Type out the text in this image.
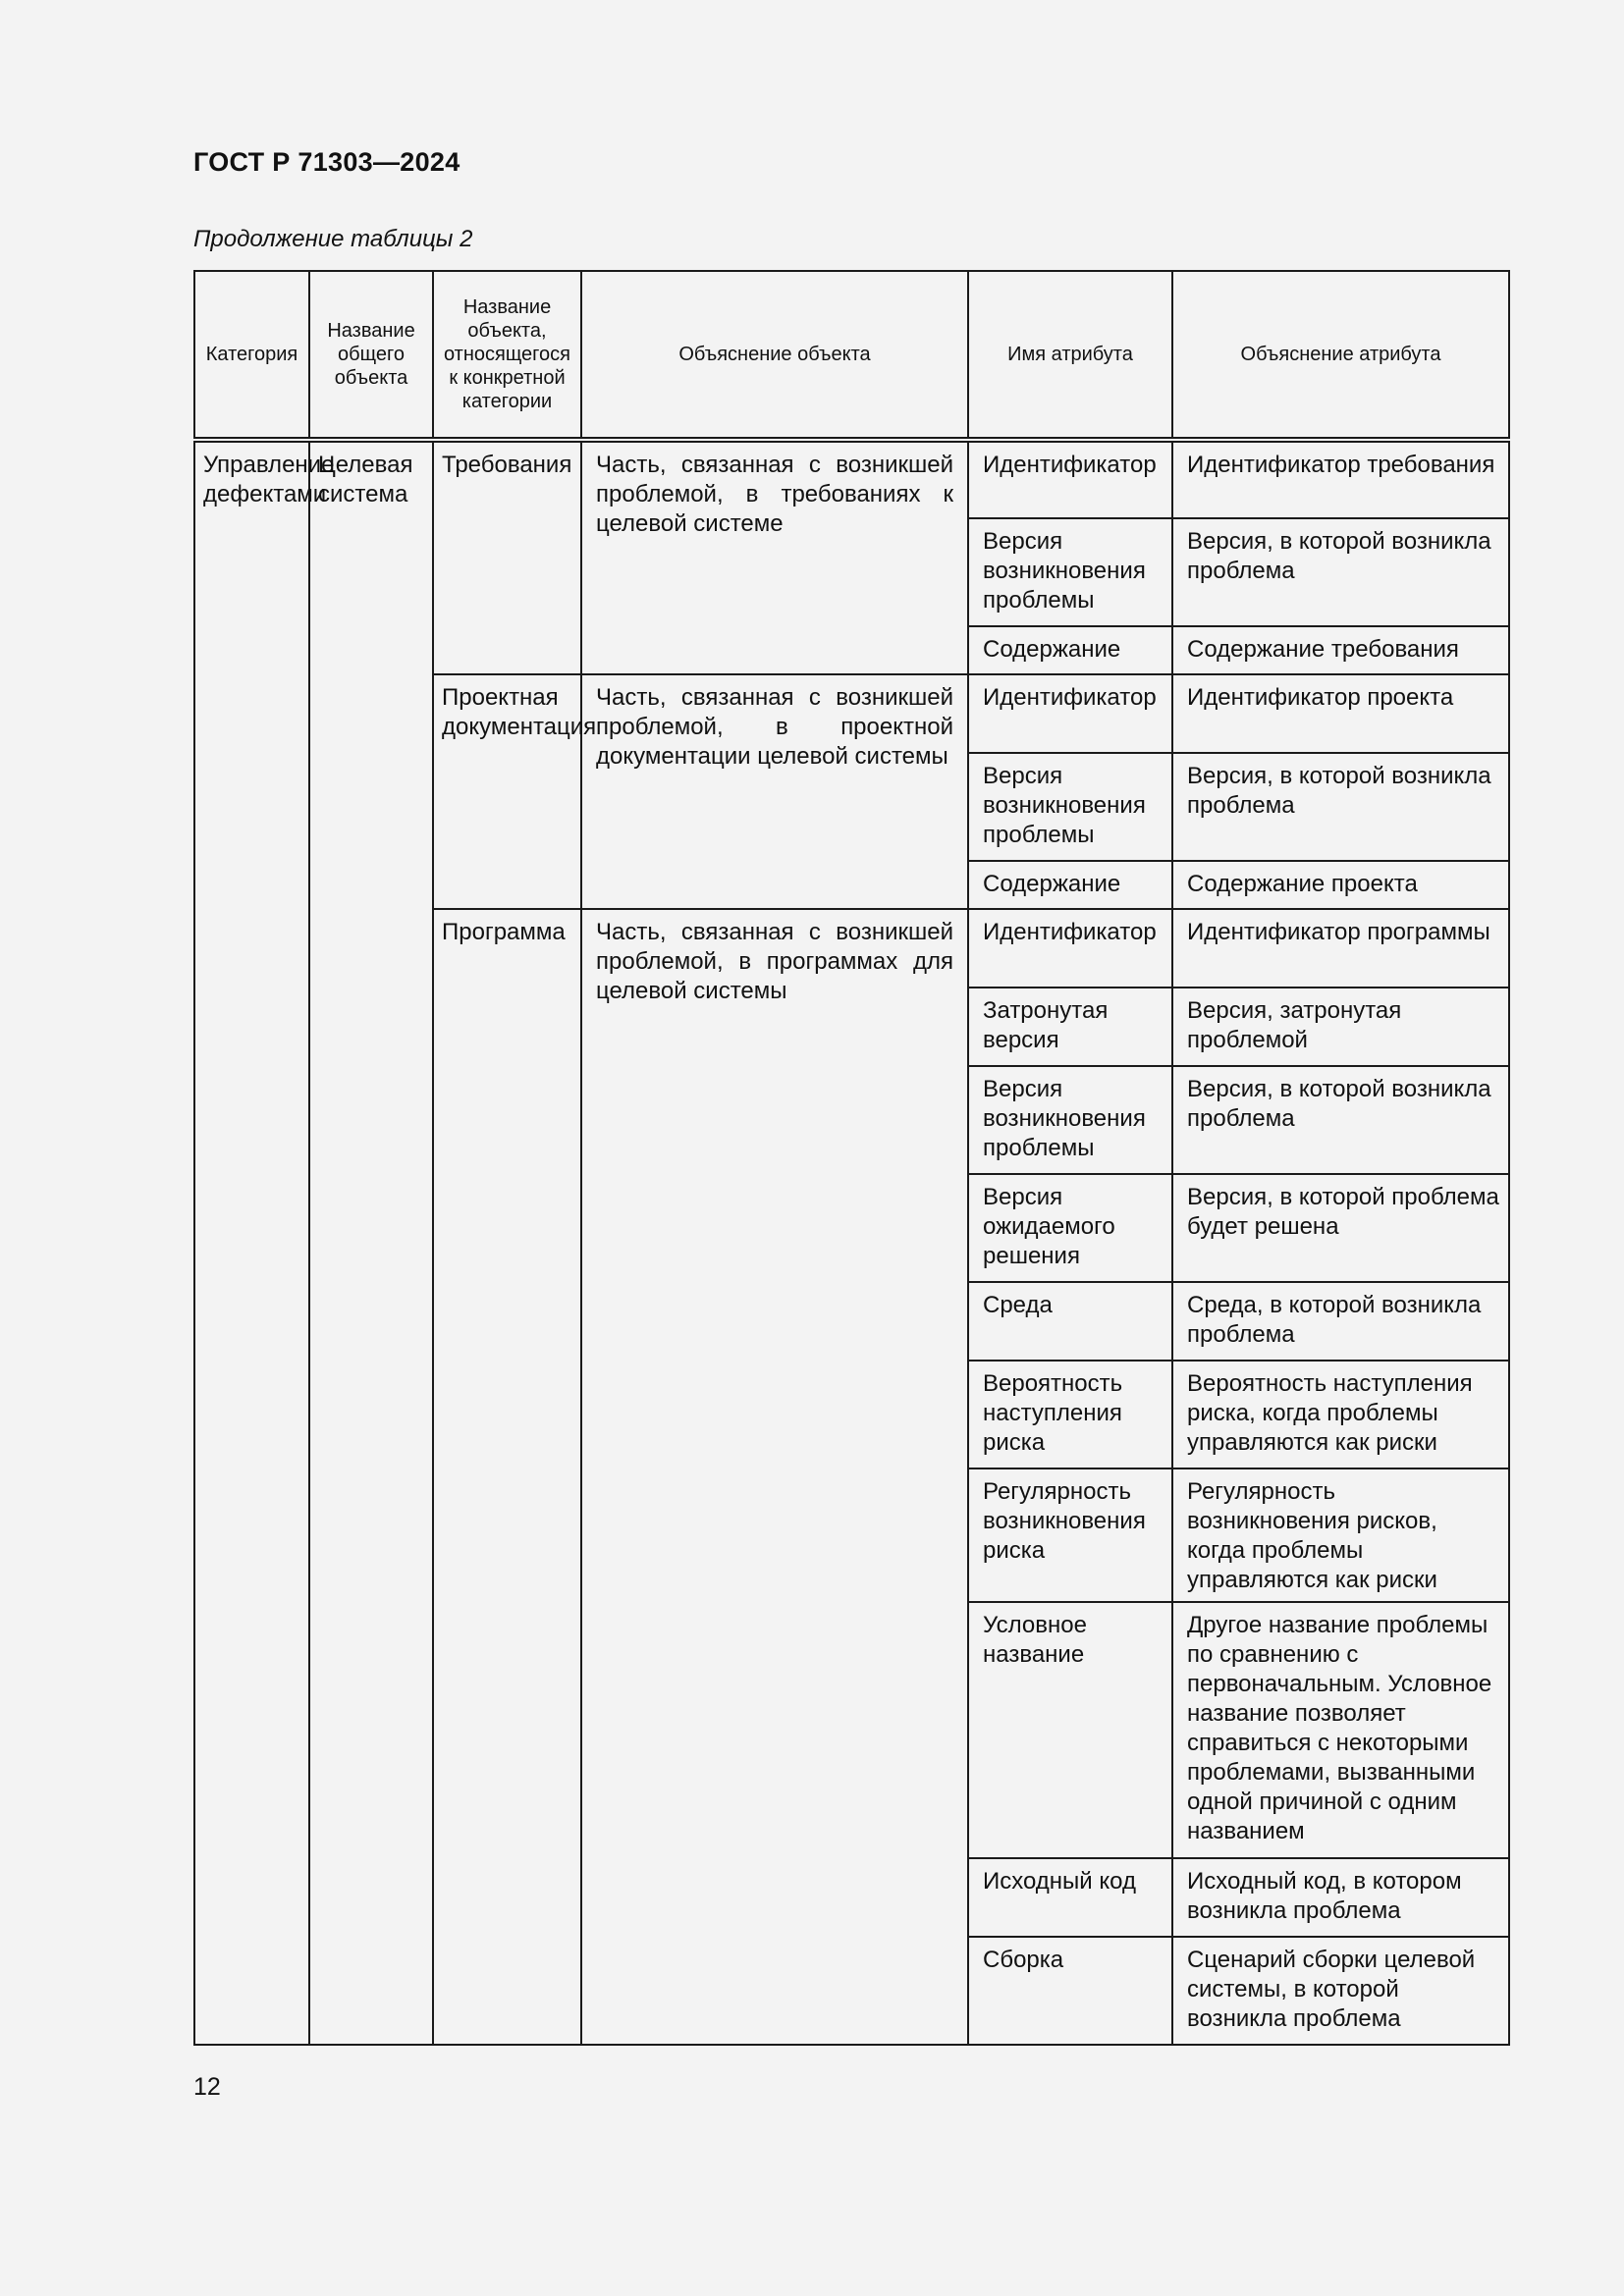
ГОСТ Р 71303—2024
Продолжение таблицы 2
Категория	Название общего объекта	Название объекта, относящегося к конкретной категории	Объяснение объекта	Имя атрибута	Объяснение атрибута
Управление дефектами	Целевая система	Требования	Часть, связанная с возникшей проблемой, в требованиях к целевой системе	Идентификатор	Идентификатор требования
				Версия возникновения проблемы	Версия, в которой возникла проблема
				Содержание	Содержание требования
		Проектная документация	Часть, связанная с возникшей проблемой, в проектной документации целевой системы	Идентификатор	Идентификатор проекта
				Версия возникновения проблемы	Версия, в которой возникла проблема
				Содержание	Содержание проекта
		Программа	Часть, связанная с возникшей проблемой, в программах для целевой системы	Идентификатор	Идентификатор программы
				Затронутая версия	Версия, затронутая проблемой
				Версия возникновения проблемы	Версия, в которой возникла проблема
				Версия ожидаемого решения	Версия, в которой проблема будет решена
				Среда	Среда, в которой возникла проблема
				Вероятность наступления риска	Вероятность наступления риска, когда проблемы управляются как риски
				Регулярность возникновения риска	Регулярность возникновения рисков, когда проблемы управляются как риски
				Условное название	Другое название проблемы по сравнению с первоначальным. Условное название позволяет справиться с некоторыми проблемами, вызванными одной причиной с одним названием
				Исходный код	Исходный код, в котором возникла проблема
				Сборка	Сценарий сборки целевой системы, в которой возникла проблема
12
